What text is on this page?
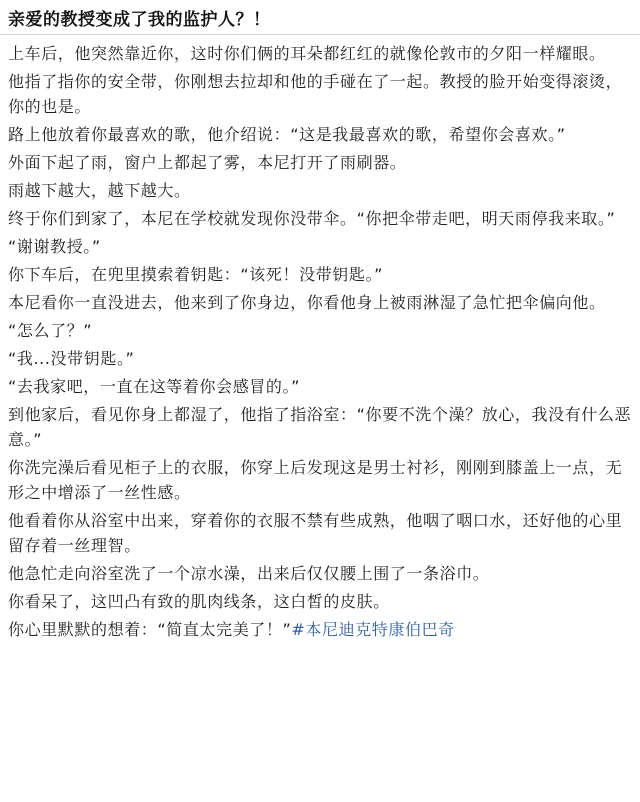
亲爱的教授变成了我的监护人？！

上车后，他突然靠近你，这时你们俩的耳朵都红红的就像伦敦市的夕阳一样耀眼。

他指了指你的安全带，你刚想去拉却和他的手碰在了一起。教授的脸开始变得滚烫，你的也是。

路上他放着你最喜欢的歌，他介绍说：“这是我最喜欢的歌，希望你会喜欢。”

外面下起了雨，窗户上都起了雾，本尼打开了雨刷器。

雨越下越大，越下越大。

终于你们到家了，本尼在学校就发现你没带伞。“你把伞带走吧，明天雨停我来取。”

“谢谢教授。”

你下车后，在兜里摸索着钥匙：“该死！没带钥匙。”

本尼看你一直没进去，他来到了你身边，你看他身上被雨淋湿了急忙把伞偏向他。

“怎么了？”

“我...没带钥匙。”

“去我家吧，一直在这等着你会感冒的。”

到他家后，看见你身上都湿了，他指了指浴室：“你要不洗个澡？放心，我没有什么恶意。”

你洗完澡后看见柜子上的衣服，你穿上后发现这是男士衬衫，刚刚到膝盖上一点，无形之中增添了一丝性感。

他看着你从浴室中出来，穿着你的衣服不禁有些成熟，他咽了咽口水，还好他的心里留存着一丝理智。

他急忙走向浴室洗了一个凉水澡，出来后仅仅腰上围了一条浴巾。

你看呆了，这凹凸有致的肌肉线条，这白皙的皮肤。

你心里默默的想着：“简直太完美了！”#本尼迪克特康伯巴奇
